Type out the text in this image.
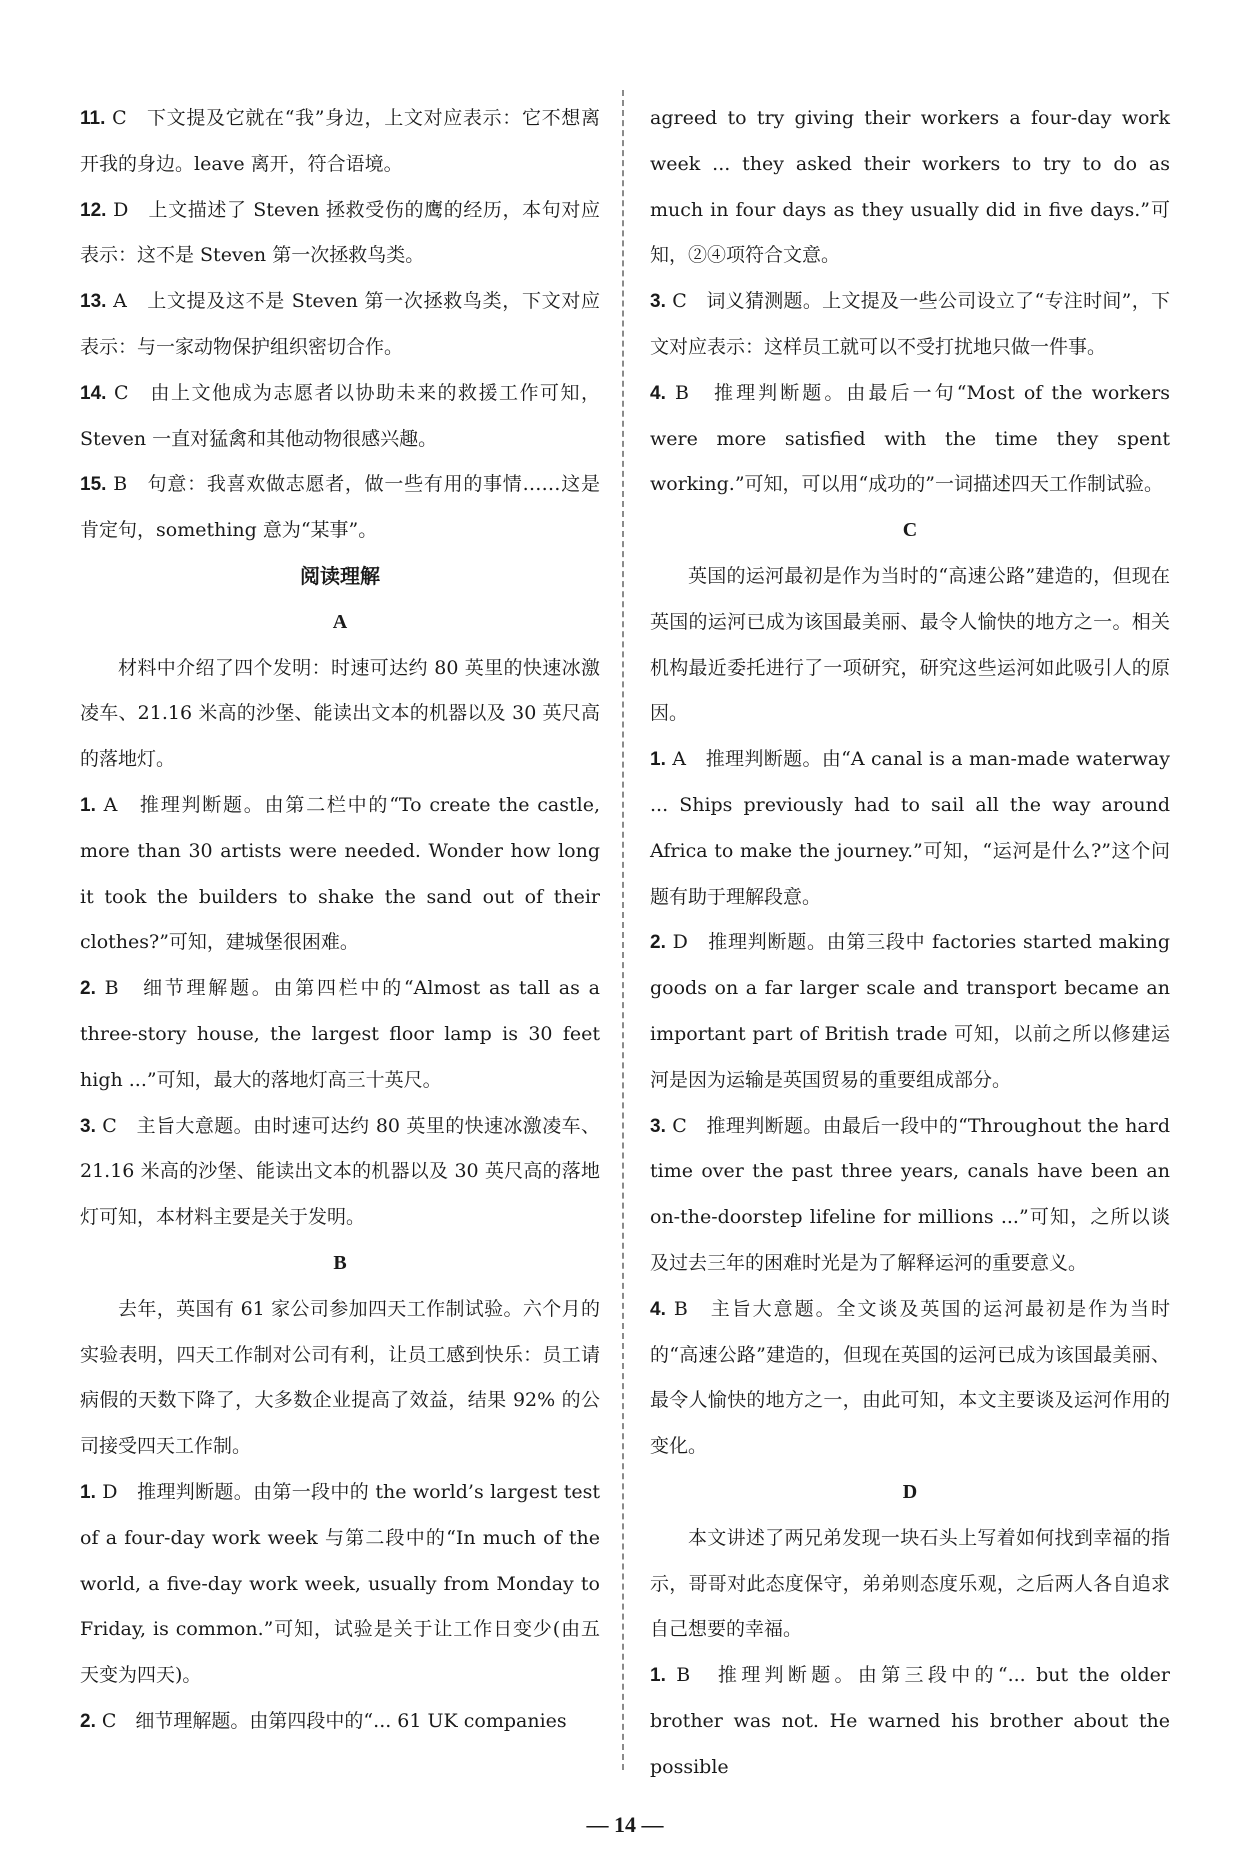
11. C　下文提及它就在“我”身边，上文对应表示：它不想离开我的身边。leave 离开，符合语境。

12. D　上文描述了 Steven 拯救受伤的鹰的经历，本句对应表示：这不是 Steven 第一次拯救鸟类。

13. A　上文提及这不是 Steven 第一次拯救鸟类，下文对应表示：与一家动物保护组织密切合作。

14. C　由上文他成为志愿者以协助未来的救援工作可知，Steven 一直对猛禽和其他动物很感兴趣。

15. B　句意：我喜欢做志愿者，做一些有用的事情……这是肯定句，something 意为“某事”。

阅读理解
A

材料中介绍了四个发明：时速可达约 80 英里的快速冰激凌车、21.16 米高的沙堡、能读出文本的机器以及 30 英尺高的落地灯。

1. A　推理判断题。由第二栏中的“To create the castle, more than 30 artists were needed. Wonder how long it took the builders to shake the sand out of their clothes?”可知，建城堡很困难。

2. B　细节理解题。由第四栏中的“Almost as tall as a three-story house, the largest floor lamp is 30 feet high ...”可知，最大的落地灯高三十英尺。

3. C　主旨大意题。由时速可达约 80 英里的快速冰激凌车、21.16 米高的沙堡、能读出文本的机器以及 30 英尺高的落地灯可知，本材料主要是关于发明。

B

去年，英国有 61 家公司参加四天工作制试验。六个月的实验表明，四天工作制对公司有利，让员工感到快乐：员工请病假的天数下降了，大多数企业提高了效益，结果 92% 的公司接受四天工作制。

1. D　推理判断题。由第一段中的 the world’s largest test of a four-day work week 与第二段中的“In much of the world, a five-day work week, usually from Monday to Friday, is common.”可知，试验是关于让工作日变少(由五天变为四天)。

2. C　细节理解题。由第四段中的“... 61 UK companies

agreed to try giving their workers a four-day work week ... they asked their workers to try to do as much in four days as they usually did in five days.”可知，②④项符合文意。

3. C　词义猜测题。上文提及一些公司设立了“专注时间”，下文对应表示：这样员工就可以不受打扰地只做一件事。

4. B　推理判断题。由最后一句“Most of the workers were more satisfied with the time they spent working.”可知，可以用“成功的”一词描述四天工作制试验。

C

英国的运河最初是作为当时的“高速公路”建造的，但现在英国的运河已成为该国最美丽、最令人愉快的地方之一。相关机构最近委托进行了一项研究，研究这些运河如此吸引人的原因。

1. A　推理判断题。由“A canal is a man-made waterway ... Ships previously had to sail all the way around Africa to make the journey.”可知，“运河是什么?”这个问题有助于理解段意。

2. D　推理判断题。由第三段中 factories started making goods on a far larger scale and transport became an important part of British trade 可知，以前之所以修建运河是因为运输是英国贸易的重要组成部分。

3. C　推理判断题。由最后一段中的“Throughout the hard time over the past three years, canals have been an on-the-doorstep lifeline for millions ...”可知，之所以谈及过去三年的困难时光是为了解释运河的重要意义。

4. B　主旨大意题。全文谈及英国的运河最初是作为当时的“高速公路”建造的，但现在英国的运河已成为该国最美丽、最令人愉快的地方之一，由此可知，本文主要谈及运河作用的变化。

D

本文讲述了两兄弟发现一块石头上写着如何找到幸福的指示，哥哥对此态度保守，弟弟则态度乐观，之后两人各自追求自己想要的幸福。

1. B　推理判断题。由第三段中的“... but the older brother was not. He warned his brother about the possible

— 14 —
